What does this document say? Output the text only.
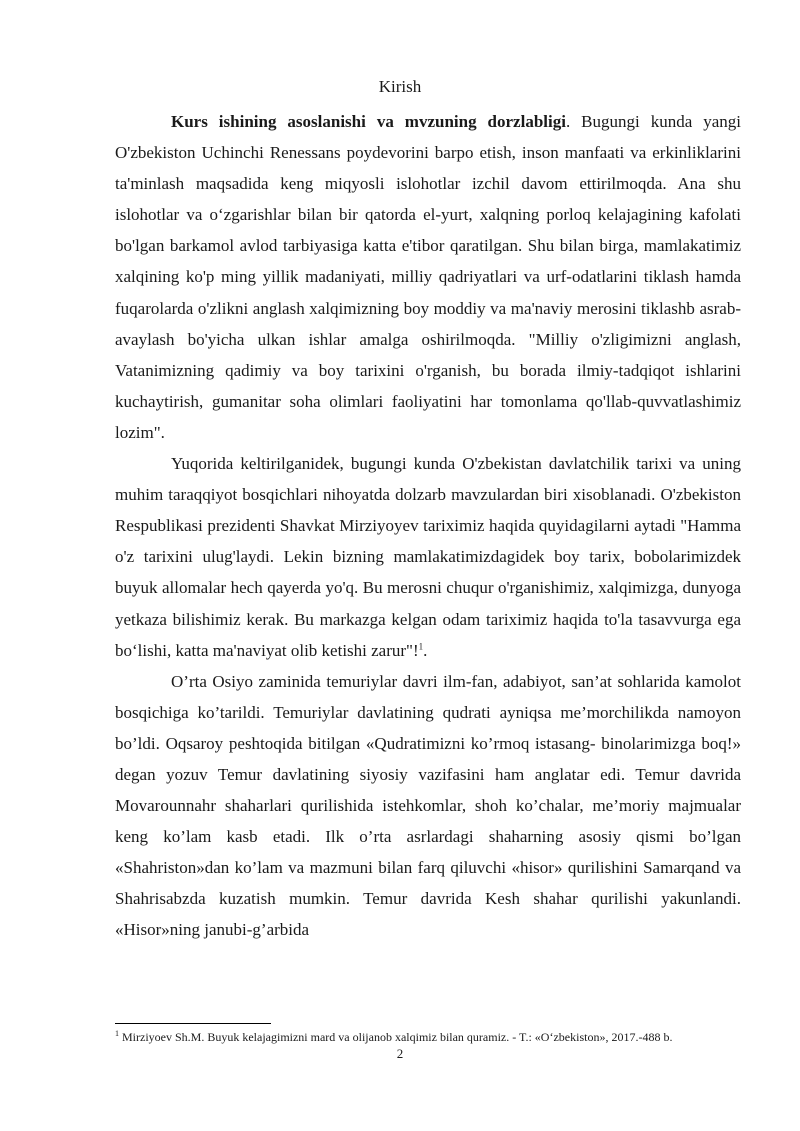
Kirish

Kurs ishining asoslanishi va mvzuning dorzlabligi. Bugungi kunda yangi O'zbekiston Uchinchi Renessans poydevorini barpo etish, inson manfaati va erkinliklarini ta'minlash maqsadida keng miqyosli islohotlar izchil davom ettirilmoqda. Ana shu islohotlar va oʻzgarishlar bilan bir qatorda el-yurt, xalqning porloq kelajagining kafolati bo'lgan barkamol avlod tarbiyasiga katta e'tibor qaratilgan. Shu bilan birga, mamlakatimiz xalqining ko'p ming yillik madaniyati, milliy qadriyatlari va urf-odatlarini tiklash hamda fuqarolarda o'zlikni anglash xalqimizning boy moddiy va ma'naviy merosini tiklashb asrab-avaylash bo'yicha ulkan ishlar amalga oshirilmoqda. "Milliy o'zligimizni anglash, Vatanimizning qadimiy va boy tarixini o'rganish, bu borada ilmiy-tadqiqot ishlarini kuchaytirish, gumanitar soha olimlari faoliyatini har tomonlama qo'llab-quvvatlashimiz lozim".

Yuqorida keltirilganidek, bugungi kunda O'zbekistan davlatchilik tarixi va uning muhim taraqqiyot bosqichlari nihoyatda dolzarb mavzulardan biri xisoblanadi. O'zbekiston Respublikasi prezidenti Shavkat Mirziyoyev tariximiz haqida quyidagilarni aytadi "Hamma o'z tarixini ulug'laydi. Lekin bizning mamlakatimizdagidek boy tarix, bobolarimizdek buyuk allomalar hech qayerda yo'q. Bu merosni chuqur o'rganishimiz, xalqimizga, dunyoga yetkaza bilishimiz kerak. Bu markazga kelgan odam tariximiz haqida to'la tasavvurga ega boʻlishi, katta ma'naviyat olib ketishi zarur"!$^1$.

O’rta Osiyo zaminida temuriylar davri ilm-fan, adabiyot, san’at sohlarida kamolot bosqichiga ko’tarildi. Temuriylar davlatining qudrati ayniqsa me’morchilikda namoyon bo’ldi. Oqsaroy peshtoqida bitilgan «Qudratimizni ko’rmoq istasang- binolarimizga boq!» degan yozuv Temur davlatining siyosiy vazifasini ham anglatar edi. Temur davrida Movarounnahr shaharlari qurilishida istehkomlar, shoh ko’chalar, me’moriy majmualar keng ko’lam kasb etadi. Ilk o’rta asrlardagi shaharning asosiy qismi bo’lgan «Shahriston»dan ko’lam va mazmuni bilan farq qiluvchi «hisor» qurilishini Samarqand va Shahrisabzda kuzatish mumkin. Temur davrida Kesh shahar qurilishi yakunlandi. «Hisor»ning janubi-g’arbida

$^1$ Mirziyoev Sh.M. Buyuk kelajagimizni mard va olijanob xalqimiz bilan quramiz. - T.: «O‘zbekiston», 2017.-488 b.
2
